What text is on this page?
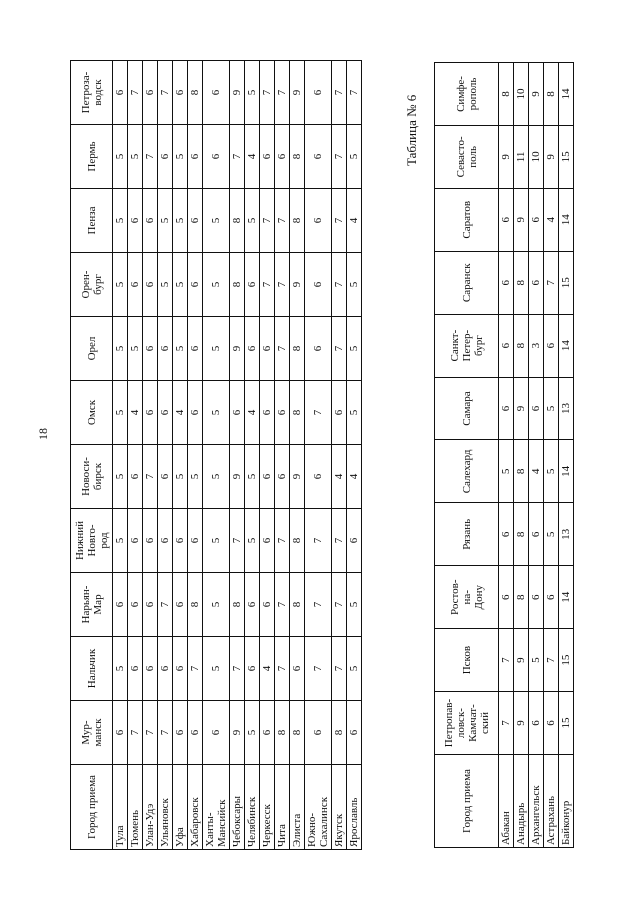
18
Город приема	Мур-
манск	Нальчик	Нарьян-
Мар	Нижний
Новго-
род	Новоси-
бирск	Омск	Орел	Орен-
бург	Пенза	Пермь	Петроза-
водск
Тула	6	5	6	5	5	5	5	5	5	5	6
Тюмень	7	6	6	6	6	4	5	6	6	5	7
Улан-Удэ	7	6	6	6	7	6	6	6	6	7	6
Ульяновск	7	6	7	6	6	6	6	5	5	6	7
Уфа	6	6	6	6	5	4	5	5	5	5	6
Хабаровск	6	7	8	6	5	6	6	6	6	6	8
Ханты-
Мансийск	6	5	5	5	5	5	5	5	5	6	6
Чебоксары	9	7	8	7	9	6	9	8	8	7	9
Челябинск	5	6	6	5	5	4	6	6	5	4	5
Черкесск	6	4	6	6	6	6	6	7	7	6	7
Чита	8	7	7	7	6	6	7	7	7	6	7
Элиста	8	6	8	8	9	8	8	9	8	8	9
Южно-
Сахалинск	6	7	7	7	6	7	6	6	6	6	6
Якутск	8	7	7	7	4	6	7	7	7	7	7
Ярославль	6	5	5	6	4	5	5	5	4	5	7
Таблица № 6
Город приема	Петропав-
ловск-
Камчат-
ский	Псков	Ростов-
на-
Дону	Рязань	Салехард	Самара	Санкт-
Петер-
бург	Саранск	Саратов	Севасто-
поль	Симфе-
рополь
Абакан	7	7	6	6	5	6	6	6	6	9	8
Анадырь	9	9	8	8	8	9	8	8	9	11	10
Архангельск	6	5	6	6	4	6	3	6	6	10	9
Астрахань	6	7	6	5	5	5	6	7	4	9	8
Байконур	15	15	14	13	14	13	14	15	14	15	14
